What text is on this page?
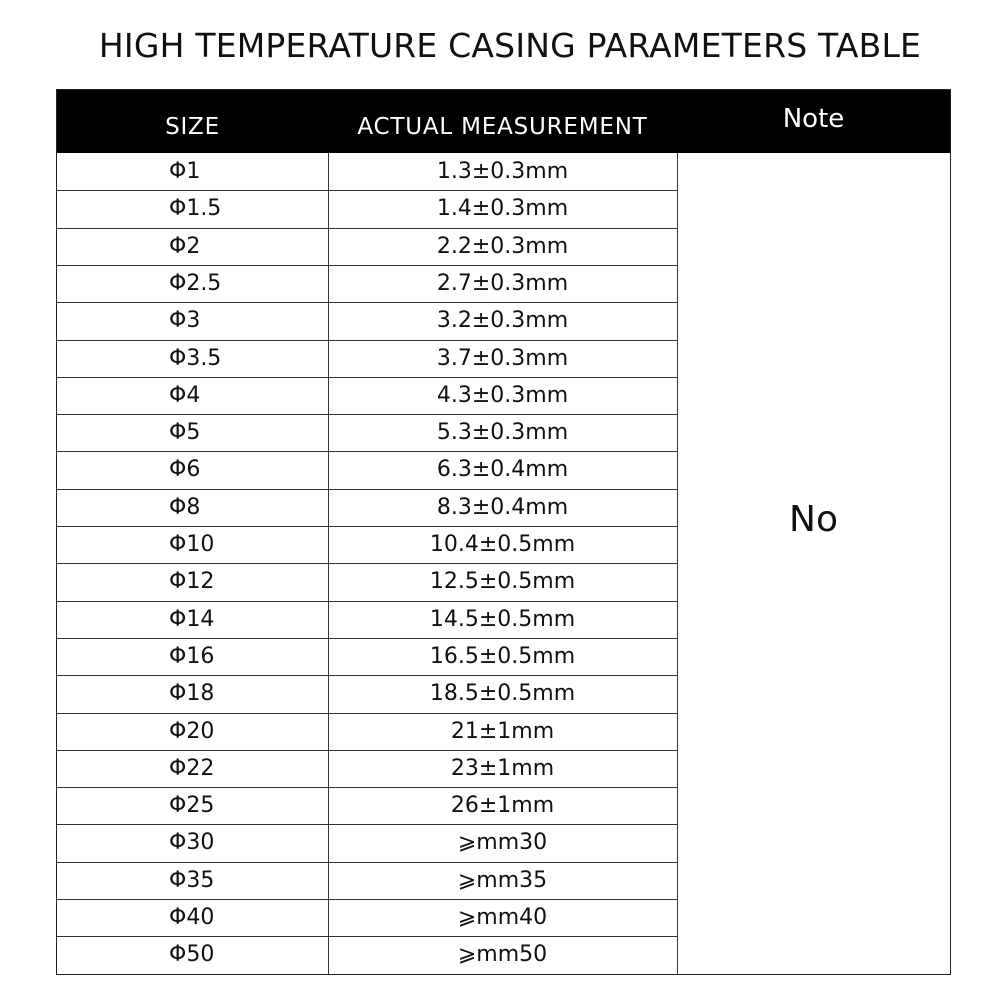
HIGH TEMPERATURE CASING PARAMETERS TABLE
SIZE	ACTUAL MEASUREMENT	Note
No
Φ1	1.3±0.3mm
Φ1.5	1.4±0.3mm
Φ2	2.2±0.3mm
Φ2.5	2.7±0.3mm
Φ3	3.2±0.3mm
Φ3.5	3.7±0.3mm
Φ4	4.3±0.3mm
Φ5	5.3±0.3mm
Φ6	6.3±0.4mm
Φ8	8.3±0.4mm
Φ10	10.4±0.5mm
Φ12	12.5±0.5mm
Φ14	14.5±0.5mm
Φ16	16.5±0.5mm
Φ18	18.5±0.5mm
Φ20	21±1mm
Φ22	23±1mm
Φ25	26±1mm
Φ30	⩾mm30
Φ35	⩾mm35
Φ40	⩾mm40
Φ50	⩾mm50
